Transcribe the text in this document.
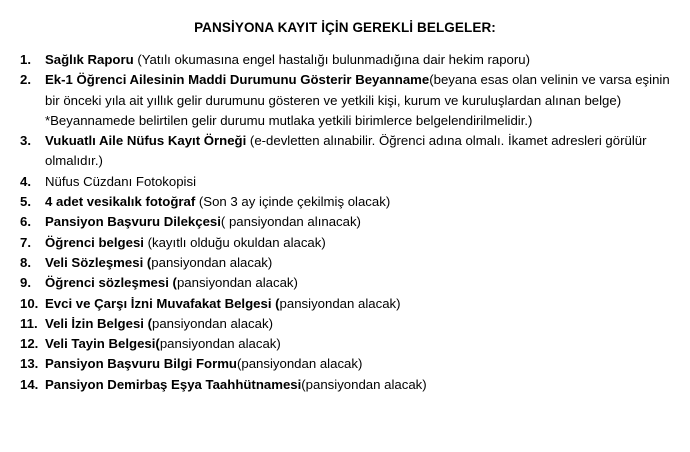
PANSİYONA KAYIT İÇİN GEREKLİ BELGELER:
1. Sağlık Raporu (Yatılı okumasına engel hastalığı bulunmadığına dair hekim raporu)
2. Ek-1 Öğrenci Ailesinin Maddi Durumunu Gösterir Beyanname(beyana esas olan velinin ve varsa eşinin bir önceki yıla ait yıllık gelir durumunu gösteren ve yetkili kişi, kurum ve kuruluşlardan alınan belge) *Beyannamede belirtilen gelir durumu mutlaka yetkili birimlerce belgelendirilmelidir.)
3. Vukuatlı Aile Nüfus Kayıt Örneği (e-devletten alınabilir. Öğrenci adına olmalı. İkamet adresleri görülür olmalıdır.)
4. Nüfus Cüzdanı Fotokopisi
5. 4 adet vesikalık fotoğraf (Son 3 ay içinde çekilmiş olacak)
6. Pansiyon Başvuru Dilekçesi( pansiyondan alınacak)
7. Öğrenci belgesi (kayıtlı olduğu okuldan alacak)
8. Veli Sözleşmesi (pansiyondan alacak)
9. Öğrenci sözleşmesi (pansiyondan alacak)
10. Evci ve Çarşı İzni Muvafakat Belgesi (pansiyondan alacak)
11. Veli İzin Belgesi (pansiyondan alacak)
12. Veli Tayin Belgesi(pansiyondan alacak)
13. Pansiyon Başvuru Bilgi Formu(pansiyondan alacak)
14. Pansiyon Demirbaş Eşya Taahhütnamesi(pansiyondan alacak)
